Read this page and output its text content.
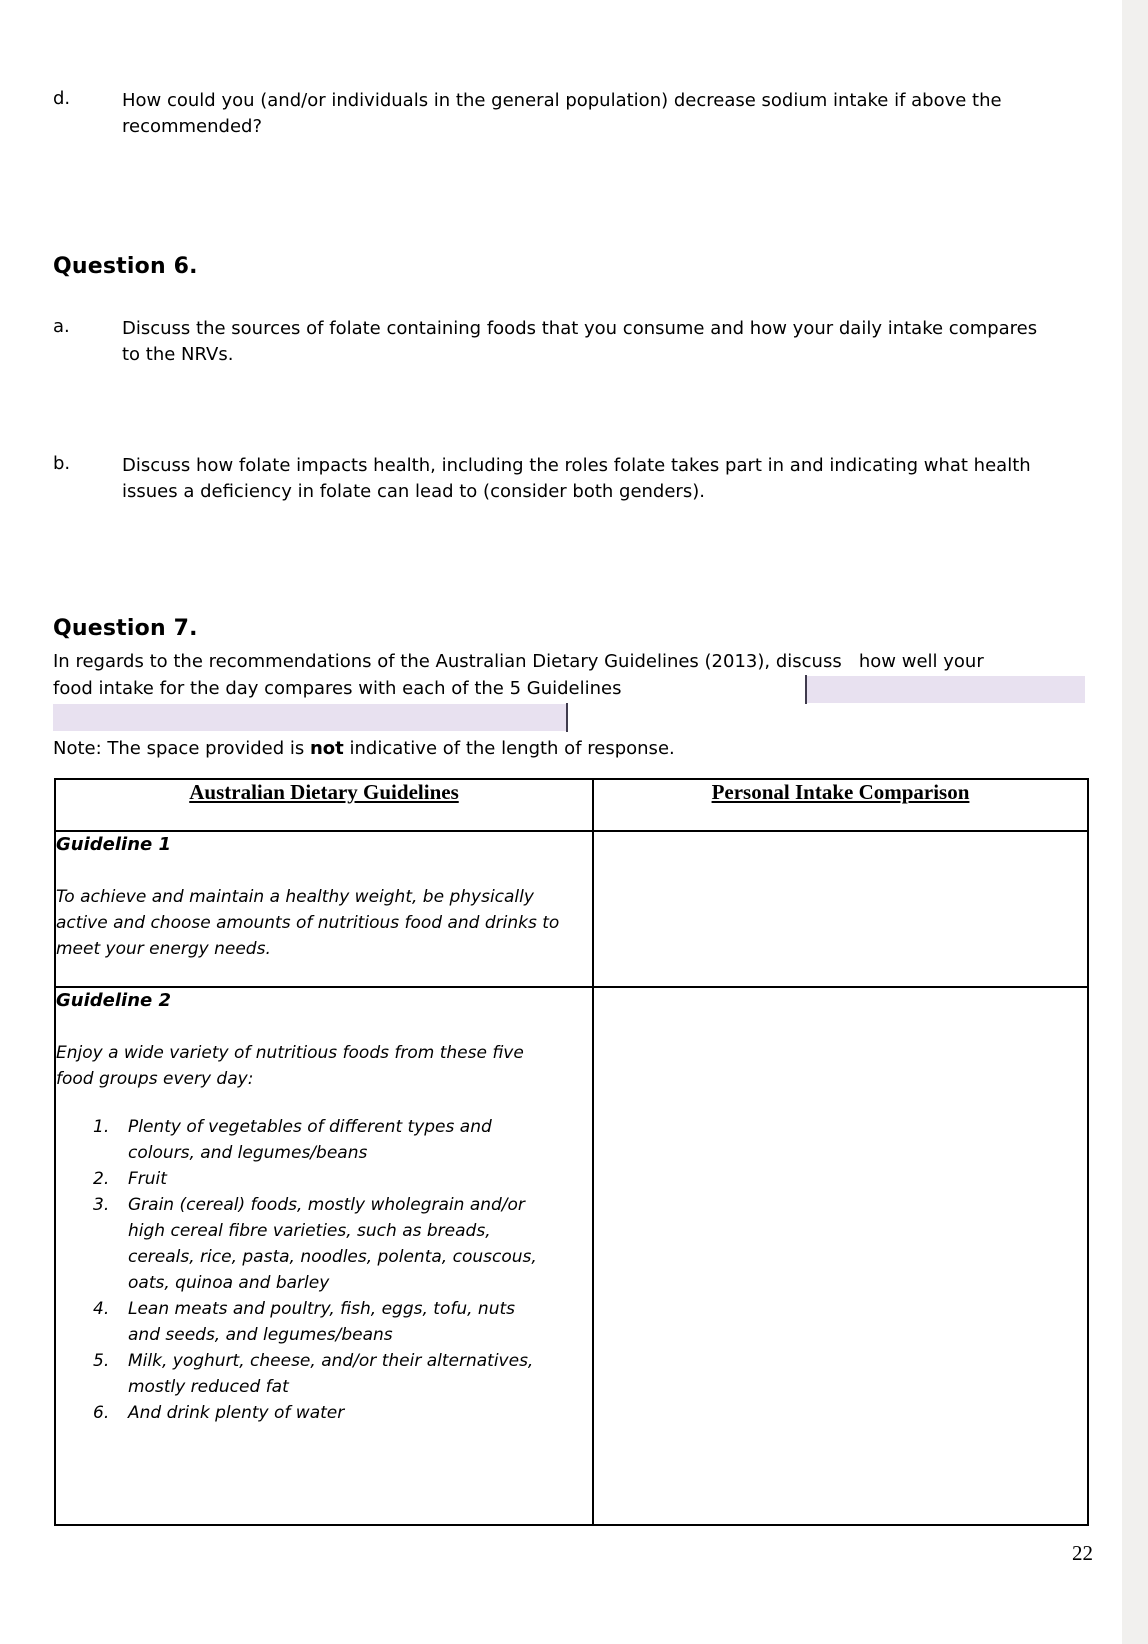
d.	How could you (and/or individuals in the general population) decrease sodium intake if above the recommended?
Question 6.
a.	Discuss the sources of folate containing foods that you consume and how your daily intake compares to the NRVs.
b.	Discuss how folate impacts health, including the roles folate takes part in and indicating what health issues a deficiency in folate can lead to (consider both genders).
Question 7.
In regards to the recommendations of the Australian Dietary Guidelines (2013), discuss   how well your
food intake for the day compares with each of the 5 Guidelines
Note: The space provided is not indicative of the length of response.
Australian Dietary Guidelines	Personal Intake Comparison

Guideline 1
To achieve and maintain a healthy weight, be physically active and choose amounts of nutritious food and drinks to meet your energy needs.	

Guideline 2
Enjoy a wide variety of nutritious foods from these five food groups every day:
1.	Plenty of vegetables of different types and colours, and legumes/beans
2.	Fruit
3.	Grain (cereal) foods, mostly wholegrain and/or high cereal fibre varieties, such as breads, cereals, rice, pasta, noodles, polenta, couscous, oats, quinoa and barley
4.	Lean meats and poultry, fish, eggs, tofu, nuts and seeds, and legumes/beans
5.	Milk, yoghurt, cheese, and/or their alternatives, mostly reduced fat
6.	And drink plenty of water

22
